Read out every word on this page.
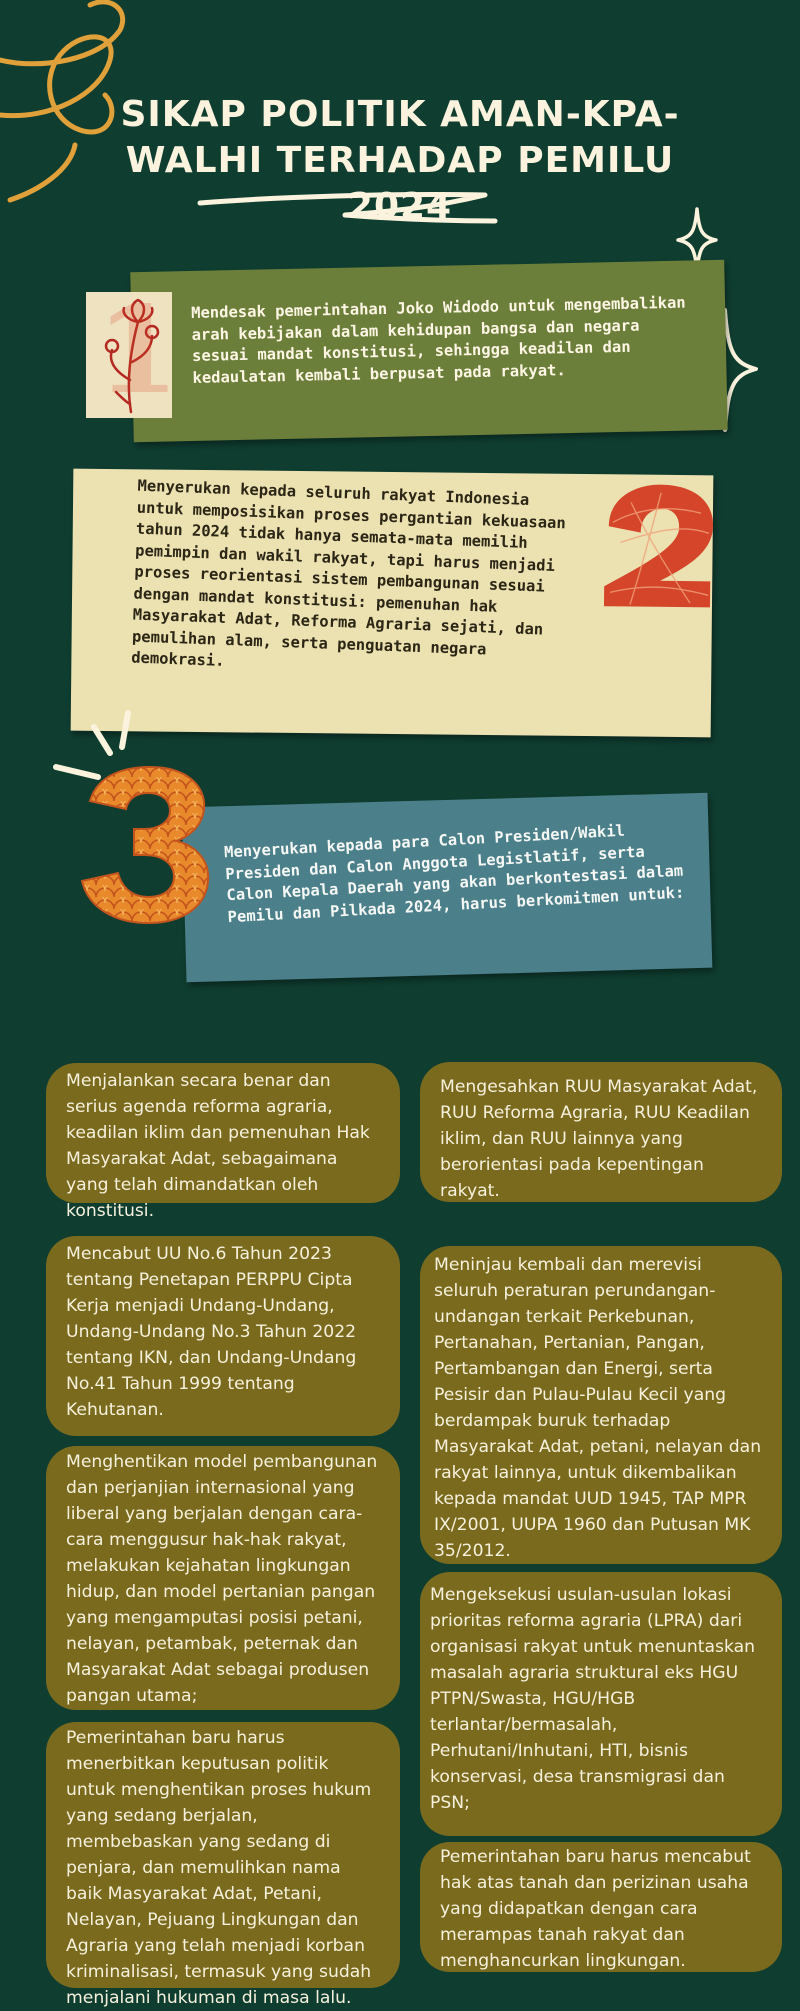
SIKAP POLITIK AMAN-KPA-WALHI TERHADAP PEMILU 2024
Mendesak pemerintahan Joko Widodo untuk mengembalikan arah kebijakan dalam kehidupan bangsa dan negara sesuai mandat konstitusi, sehingga keadilan dan kedaulatan kembali berpusat pada rakyat.
1
Menyerukan kepada seluruh rakyat Indonesia untuk memposisikan proses pergantian kekuasaan tahun 2024 tidak hanya semata-mata memilih pemimpin dan wakil rakyat, tapi harus menjadi proses reorientasi sistem pembangunan sesuai dengan mandat konstitusi: pemenuhan hak Masyarakat Adat, Reforma Agraria sejati, dan pemulihan alam, serta penguatan negara demokrasi.
Menyerukan kepada para Calon Presiden/Wakil Presiden dan Calon Anggota Legistlatif, serta Calon Kepala Daerah yang akan berkontestasi dalam Pemilu dan Pilkada 2024, harus berkomitmen untuk:
Menjalankan secara benar dan serius agenda reforma agraria, keadilan iklim dan pemenuhan Hak Masyarakat Adat, sebagaimana yang telah dimandatkan oleh konstitusi.
Mengesahkan RUU Masyarakat Adat, RUU Reforma Agraria, RUU Keadilan iklim, dan RUU lainnya yang berorientasi pada kepentingan rakyat.
Mencabut UU No.6 Tahun 2023 tentang Penetapan PERPPU Cipta Kerja menjadi Undang-Undang, Undang-Undang No.3 Tahun 2022 tentang IKN, dan Undang-Undang No.41 Tahun 1999 tentang Kehutanan.
Meninjau kembali dan merevisi seluruh peraturan perundangan-undangan terkait Perkebunan, Pertanahan, Pertanian, Pangan, Pertambangan dan Energi, serta Pesisir dan Pulau-Pulau Kecil yang berdampak buruk terhadap Masyarakat Adat, petani, nelayan dan rakyat lainnya, untuk dikembalikan kepada mandat UUD 1945, TAP MPR IX/2001, UUPA 1960 dan Putusan MK 35/2012.
Menghentikan model pembangunan dan perjanjian internasional yang liberal yang berjalan dengan cara-cara menggusur hak-hak rakyat, melakukan kejahatan lingkungan hidup, dan model pertanian pangan yang mengamputasi posisi petani, nelayan, petambak, peternak dan Masyarakat Adat sebagai produsen pangan utama;
Mengeksekusi usulan-usulan lokasi prioritas reforma agraria (LPRA) dari organisasi rakyat untuk menuntaskan masalah agraria struktural eks HGU PTPN/Swasta, HGU/HGB terlantar/bermasalah, Perhutani/Inhutani, HTI, bisnis konservasi, desa transmigrasi dan PSN;
Pemerintahan baru harus menerbitkan keputusan politik untuk menghentikan proses hukum yang sedang berjalan, membebaskan yang sedang di penjara, dan memulihkan nama baik Masyarakat Adat, Petani, Nelayan, Pejuang Lingkungan dan Agraria yang telah menjadi korban kriminalisasi, termasuk yang sudah menjalani hukuman di masa lalu.
Pemerintahan baru harus mencabut hak atas tanah dan perizinan usaha yang didapatkan dengan cara merampas tanah rakyat dan menghancurkan lingkungan.
